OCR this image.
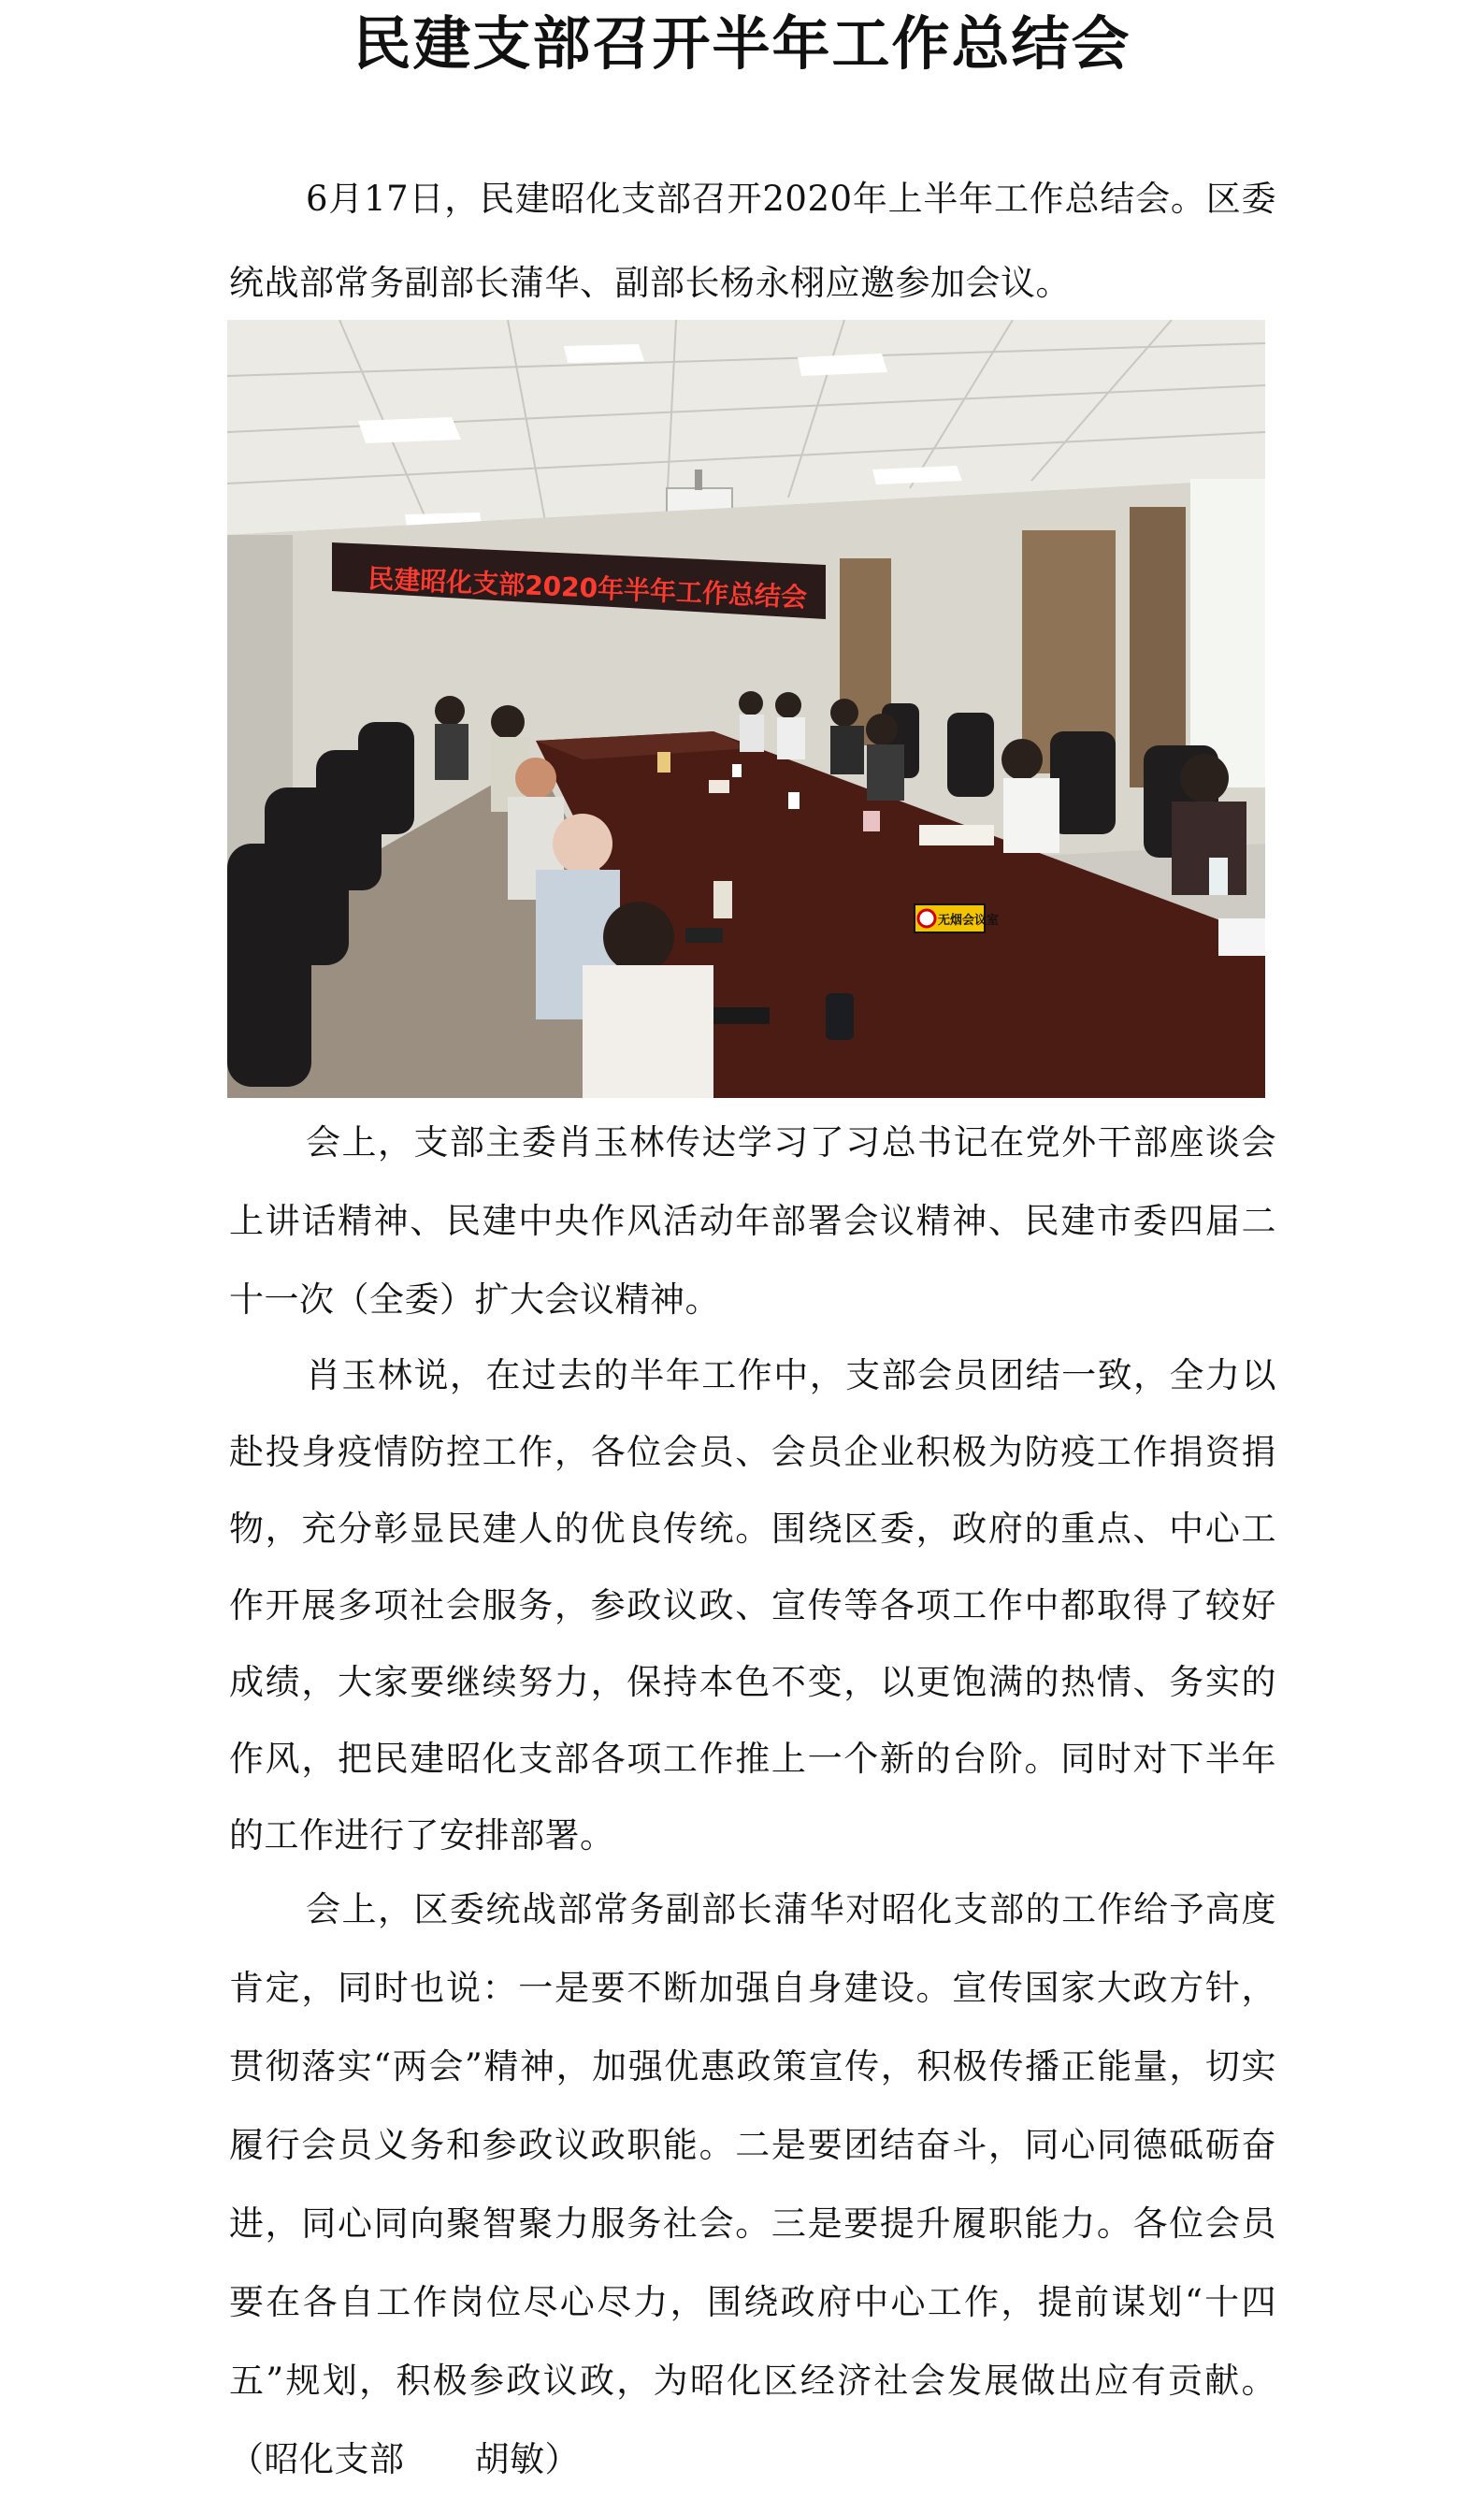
民建支部召开半年工作总结会

6月17日，民建昭化支部召开2020年上半年工作总结会。区委统战部常务副部长蒲华、副部长杨永栩应邀参加会议。

民建昭化支部2020年半年工作总结会
无烟会议室

会上，支部主委肖玉林传达学习了习总书记在党外干部座谈会上讲话精神、民建中央作风活动年部署会议精神、民建市委四届二十一次（全委）扩大会议精神。

肖玉林说，在过去的半年工作中，支部会员团结一致，全力以赴投身疫情防控工作，各位会员、会员企业积极为防疫工作捐资捐物，充分彰显民建人的优良传统。围绕区委，政府的重点、中心工作开展多项社会服务，参政议政、宣传等各项工作中都取得了较好成绩，大家要继续努力，保持本色不变，以更饱满的热情、务实的作风，把民建昭化支部各项工作推上一个新的台阶。同时对下半年的工作进行了安排部署。

会上，区委统战部常务副部长蒲华对昭化支部的工作给予高度肯定，同时也说：一是要不断加强自身建设。宣传国家大政方针，贯彻落实“两会”精神，加强优惠政策宣传，积极传播正能量，切实履行会员义务和参政议政职能。二是要团结奋斗，同心同德砥砺奋进，同心同向聚智聚力服务社会。三是要提升履职能力。各位会员要在各自工作岗位尽心尽力，围绕政府中心工作，提前谋划“十四五”规划，积极参政议政，为昭化区经济社会发展做出应有贡献。（昭化支部　　胡敏）
